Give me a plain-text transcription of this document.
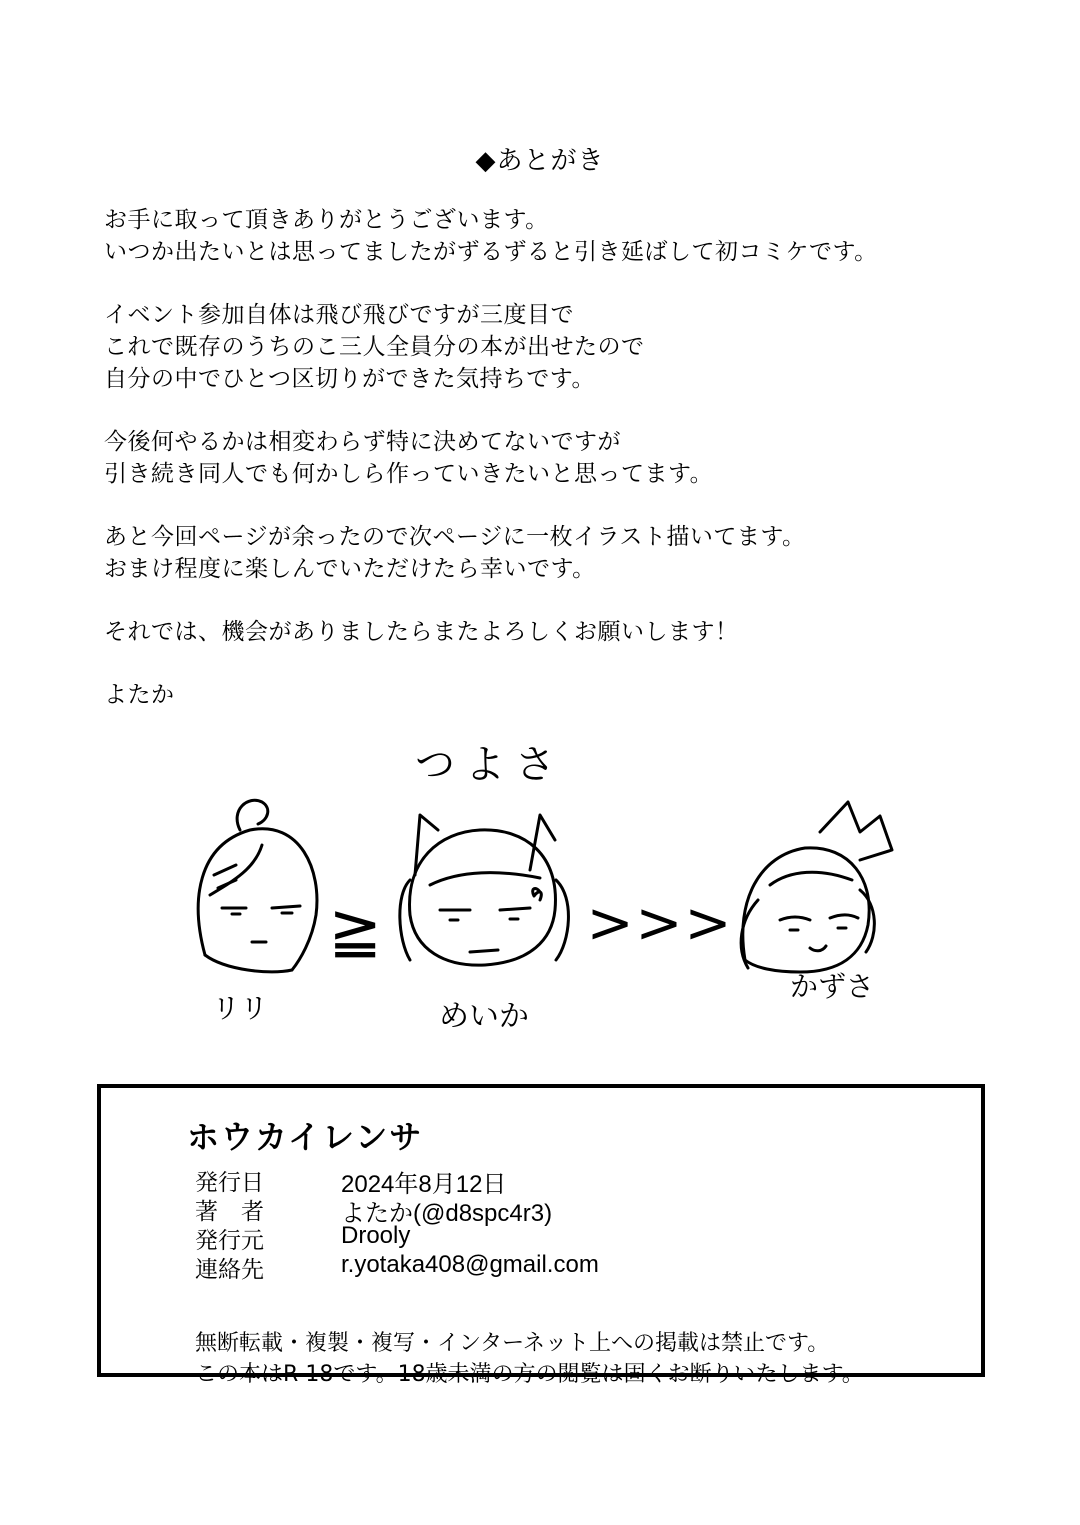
◆あとがき
お手に取って頂きありがとうございます。
いつか出たいとは思ってましたがずるずると引き延ばして初コミケです。
イベント参加自体は飛び飛びですが三度目で
これで既存のうちのこ三人全員分の本が出せたので
自分の中でひとつ区切りができた気持ちです。
今後何やるかは相変わらず特に決めてないですが
引き続き同人でも何かしら作っていきたいと思ってます。
あと今回ページが余ったので次ページに一枚イラスト描いてます。
おまけ程度に楽しんでいただけたら幸いです。
それでは、機会がありましたらまたよろしくお願いします！
よたか
つよさ
≧	>>>
リリ	めいか
かずさ
ホウカイレンサ
発行日	2024年8月12日
著　者	よたか(@d8spc4r3)
発行元	Drooly
連絡先	r.yotaka408@gmail.com
無断転載・複製・複写・インターネット上への掲載は禁止です。
この本はR-18です。18歳未満の方の閲覧は固くお断りいたします。
